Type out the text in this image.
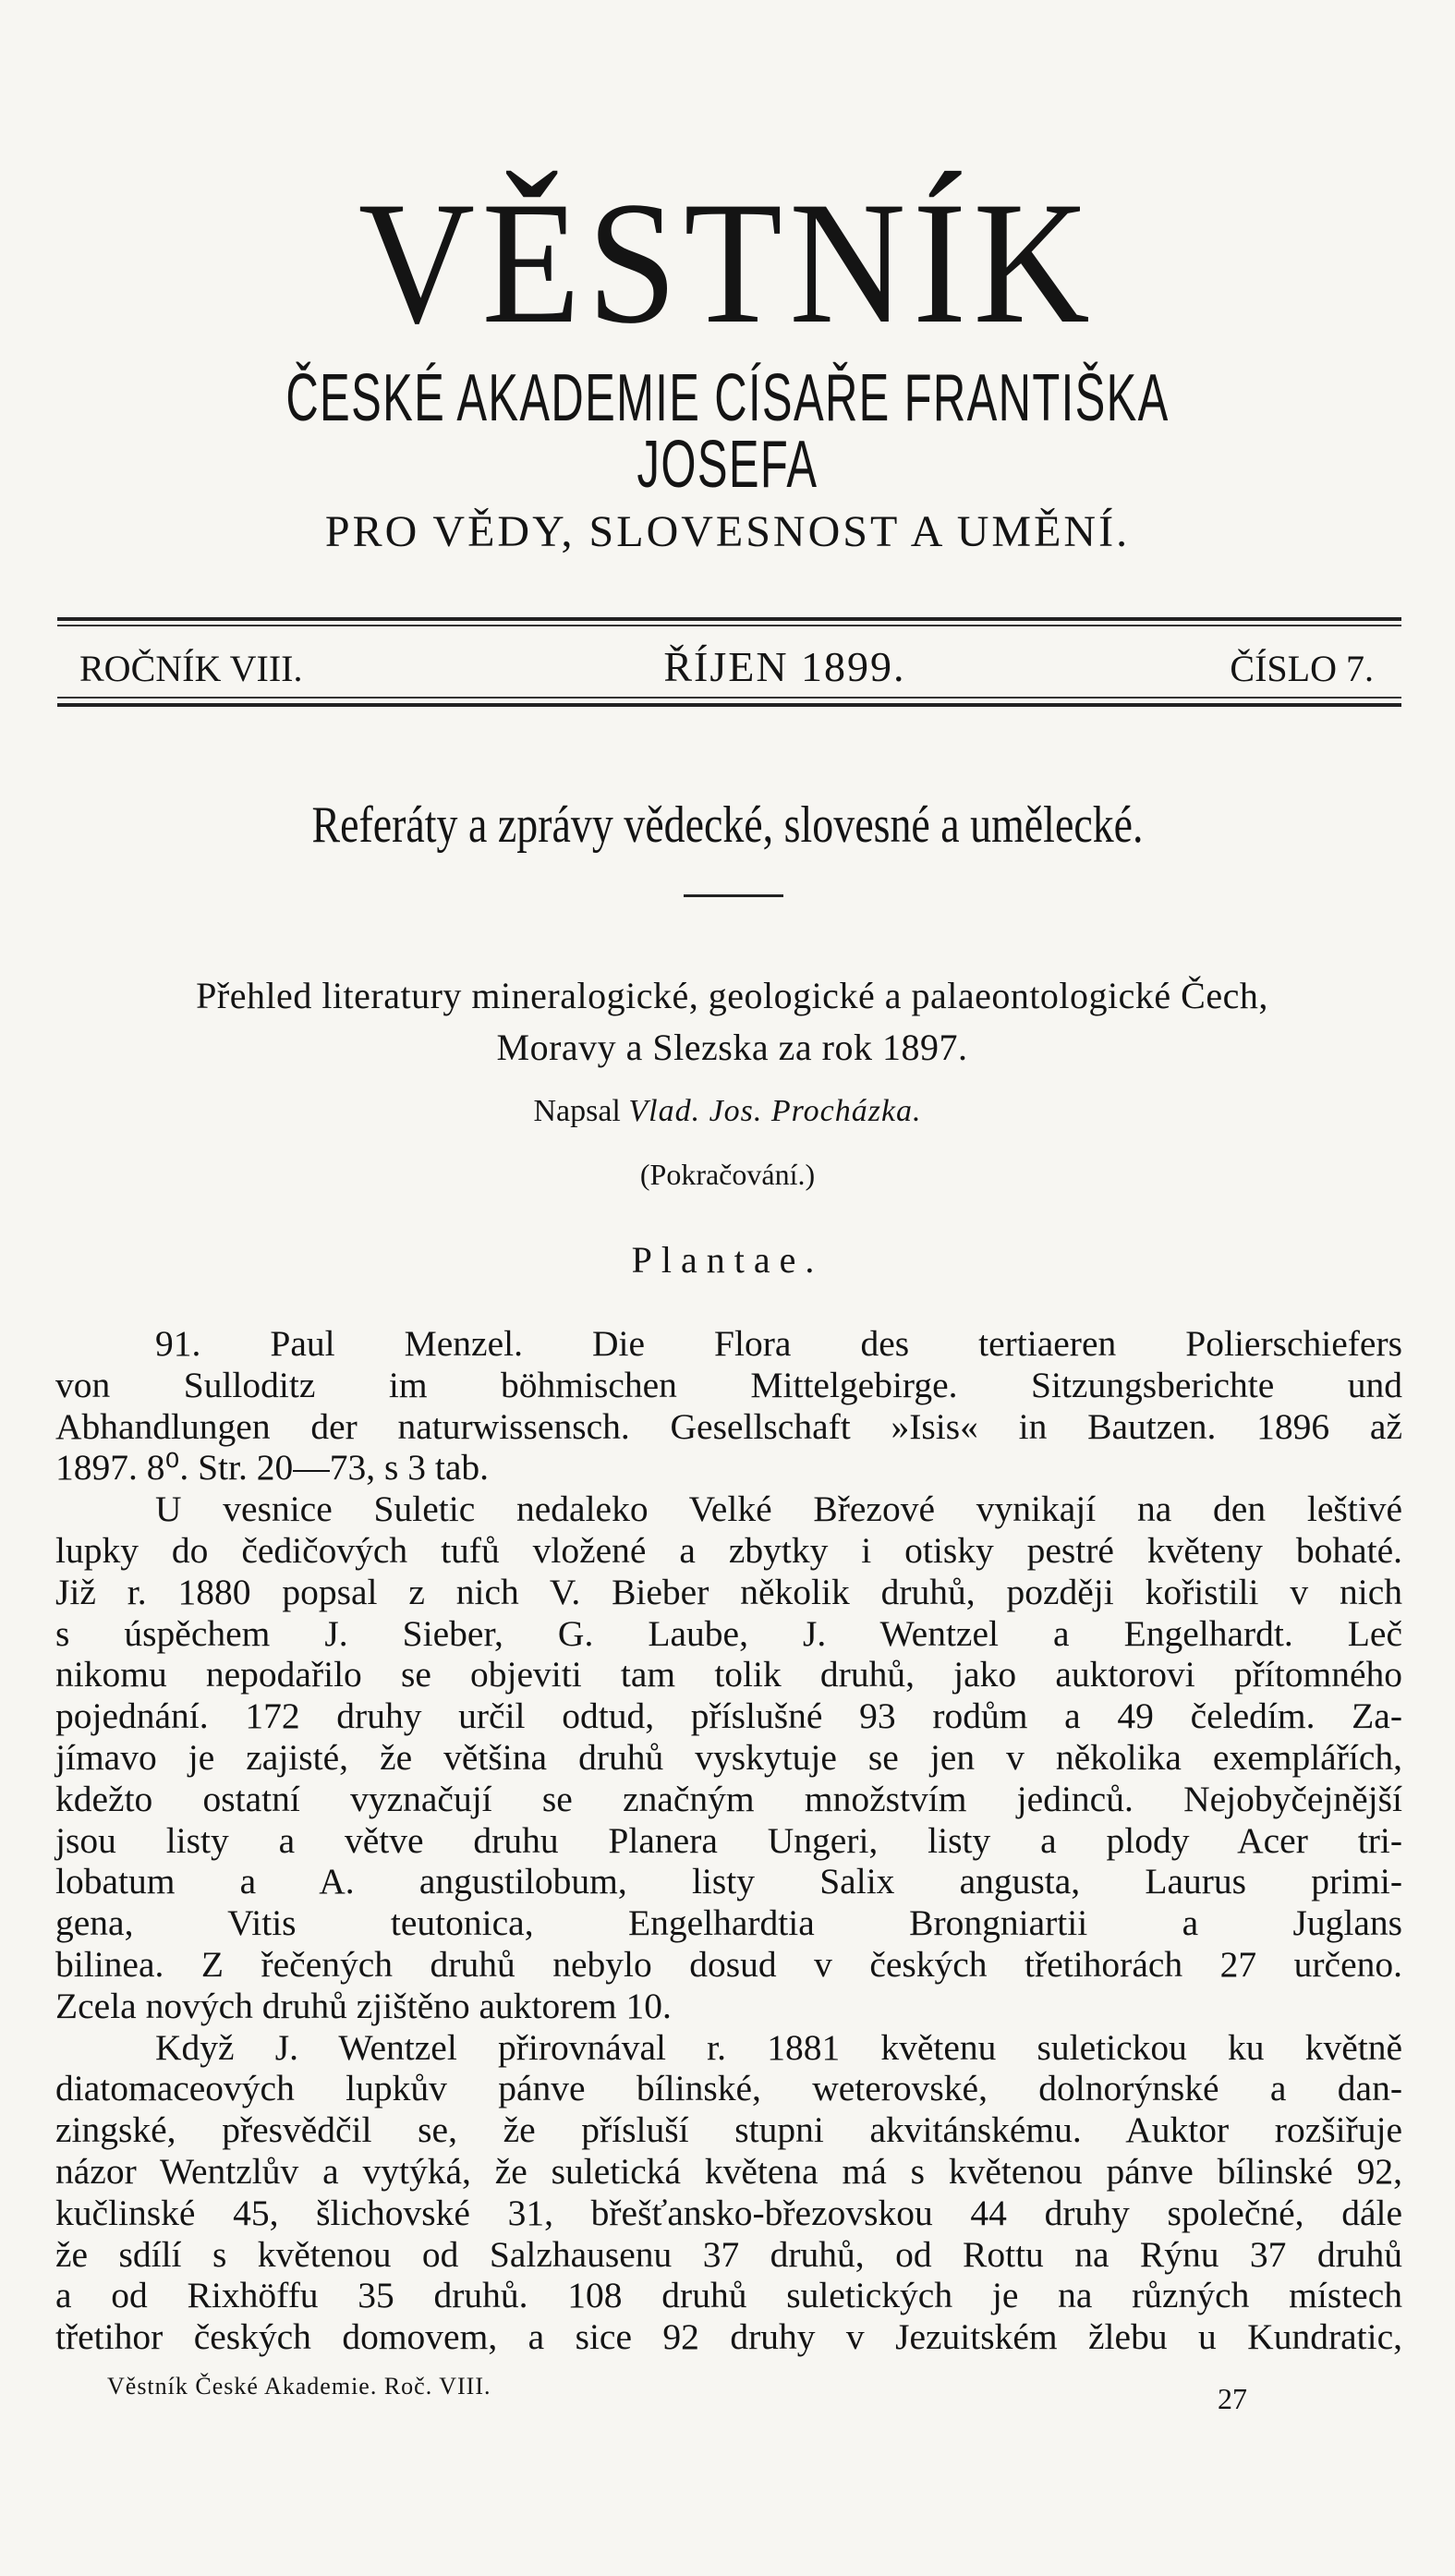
VĚSTNÍK
ČESKÉ AKADEMIE CÍSAŘE FRANTIŠKA JOSEFA
PRO VĚDY, SLOVESNOST A UMĚNÍ.
ROČNÍK VIII.	ŘÍJEN 1899.	ČÍSLO 7.
Referáty a zprávy vědecké, slovesné a umělecké.
Přehled literatury mineralogické, geologické a palaeontologické Čech,
Moravy a Slezska za rok 1897.
Napsal Vlad. Jos. Procházka.
(Pokračování.)
Plantae.
91. Paul Menzel. Die Flora des tertiaeren Polierschiefers
von Sulloditz im böhmischen Mittelgebirge. Sitzungsberichte und
Abhandlungen der naturwissensch. Gesellschaft »Isis« in Bautzen. 1896 až
1897. 8⁰. Str. 20—73, s 3 tab.
U vesnice Suletic nedaleko Velké Březové vynikají na den leštivé
lupky do čedičových tufů vložené a zbytky i otisky pestré květeny bohaté.
Již r. 1880 popsal z nich V. Bieber několik druhů, později kořistili v nich
s úspěchem J. Sieber, G. Laube, J. Wentzel a Engelhardt. Leč
nikomu nepodařilo se objeviti tam tolik druhů, jako auktorovi přítomného
pojednání. 172 druhy určil odtud, příslušné 93 rodům a 49 čeledím. Za-
jímavo je zajisté, že většina druhů vyskytuje se jen v několika exemplářích,
kdežto ostatní vyznačují se značným množstvím jedinců. Nejobyčejnější
jsou listy a větve druhu Planera Ungeri, listy a plody Acer tri-
lobatum a A. angustilobum, listy Salix angusta, Laurus primi-
gena, Vitis teutonica, Engelhardtia Brongniartii a Juglans
bilinea. Z řečených druhů nebylo dosud v českých třetihorách 27 určeno.
Zcela nových druhů zjištěno auktorem 10.
Když J. Wentzel přirovnával r. 1881 květenu suletickou ku květně
diatomaceových lupkův pánve bílinské, weterovské, dolnorýnské a dan-
zingské, přesvědčil se, že přísluší stupni akvitánskému. Auktor rozšiřuje
názor Wentzlův a vytýká, že suletická květena má s květenou pánve bílinské 92,
kučlinské 45, šlichovské 31, břešťansko-březovskou 44 druhy společné, dále
že sdílí s květenou od Salzhausenu 37 druhů, od Rottu na Rýnu 37 druhů
a od Rixhöffu 35 druhů. 108 druhů suletických je na různých místech
třetihor českých domovem, a sice 92 druhy v Jezuitském žlebu u Kundratic,
Věstník České Akademie. Roč. VIII.	27
